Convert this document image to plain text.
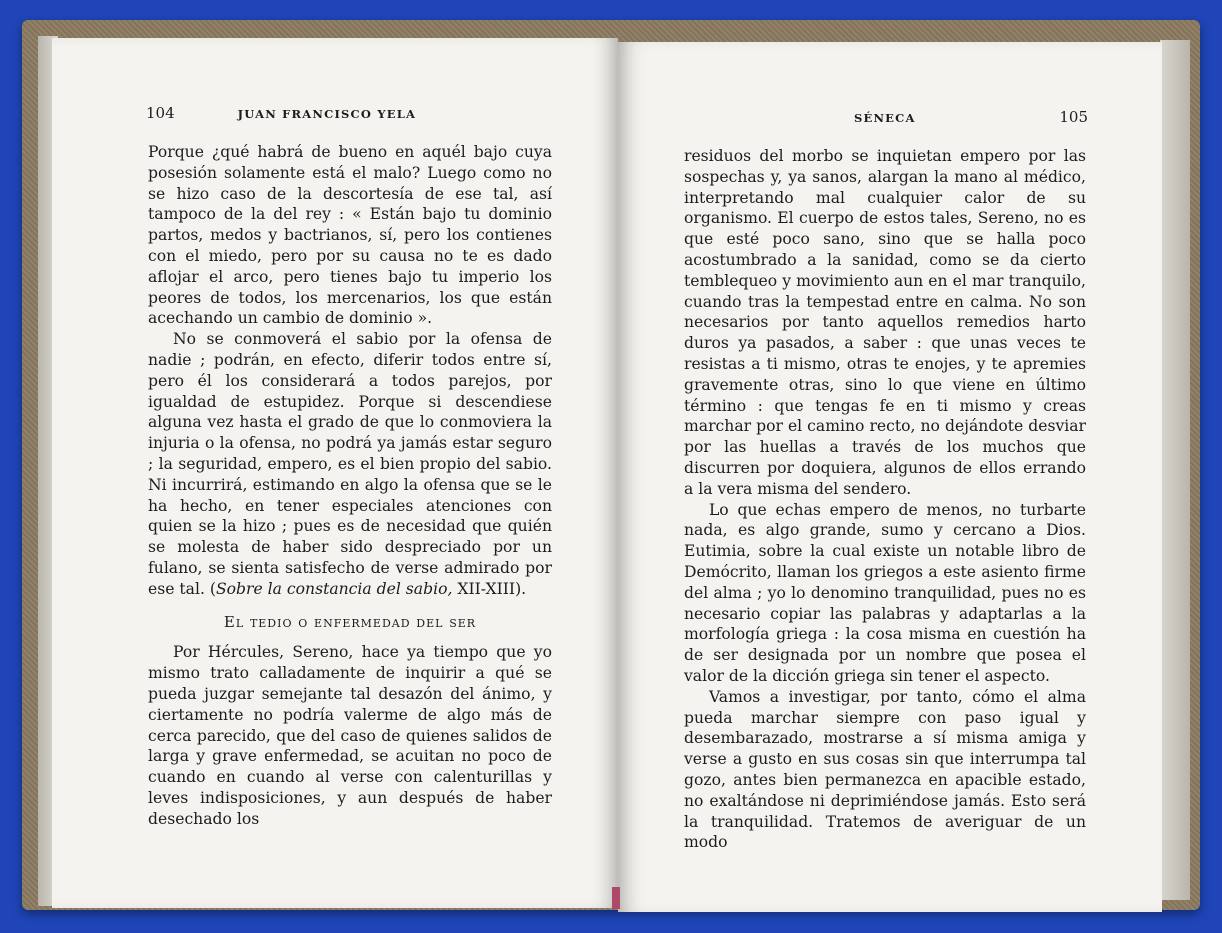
104	JUAN FRANCISCO YELA

Porque ¿qué habrá de bueno en aquél bajo cuya posesión solamente está el malo? Luego como no se hizo caso de la descortesía de ese tal, así tampoco de la del rey : « Están bajo tu dominio partos, medos y bactrianos, sí, pero los contienes con el miedo, pero por su causa no te es dado aflojar el arco, pero tienes bajo tu imperio los peores de todos, los mercenarios, los que están acechando un cambio de dominio ».

No se conmoverá el sabio por la ofensa de nadie ; podrán, en efecto, diferir todos entre sí, pero él los considerará a todos parejos, por igualdad de estupidez. Porque si descendiese alguna vez hasta el grado de que lo conmoviera la injuria o la ofensa, no podrá ya jamás estar seguro ; la seguridad, empero, es el bien propio del sabio. Ni incurrirá, estimando en algo la ofensa que se le ha hecho, en tener especiales atenciones con quien se la hizo ; pues es de necesidad que quién se molesta de haber sido despreciado por un fulano, se sienta satisfecho de verse admirado por ese tal. (Sobre la constancia del sabio, XII-XIII).

El tedio o enfermedad del ser

Por Hércules, Sereno, hace ya tiempo que yo mismo trato calladamente de inquirir a qué se pueda juzgar semejante tal desazón del ánimo, y ciertamente no podría valerme de algo más de cerca parecido, que del caso de quienes salidos de larga y grave enfermedad, se acuitan no poco de cuando en cuando al verse con calenturillas y leves indisposiciones, y aun después de haber desechado los

SÉNECA	105

residuos del morbo se inquietan empero por las sospechas y, ya sanos, alargan la mano al médico, interpretando mal cualquier calor de su organismo. El cuerpo de estos tales, Sereno, no es que esté poco sano, sino que se halla poco acostumbrado a la sanidad, como se da cierto temblequeo y movimiento aun en el mar tranquilo, cuando tras la tempestad entre en calma. No son necesarios por tanto aquellos remedios harto duros ya pasados, a saber : que unas veces te resistas a ti mismo, otras te enojes, y te apremies gravemente otras, sino lo que viene en último término : que tengas fe en ti mismo y creas marchar por el camino recto, no dejándote desviar por las huellas a través de los muchos que discurren por doquiera, algunos de ellos errando a la vera misma del sendero.

Lo que echas empero de menos, no turbarte nada, es algo grande, sumo y cercano a Dios. Eutimia, sobre la cual existe un notable libro de Demócrito, llaman los griegos a este asiento firme del alma ; yo lo denomino tranquilidad, pues no es necesario copiar las palabras y adaptarlas a la morfología griega : la cosa misma en cuestión ha de ser designada por un nombre que posea el valor de la dicción griega sin tener el aspecto.

Vamos a investigar, por tanto, cómo el alma pueda marchar siempre con paso igual y desembarazado, mostrarse a sí misma amiga y verse a gusto en sus cosas sin que interrumpa tal gozo, antes bien permanezca en apacible estado, no exaltándose ni deprimiéndose jamás. Esto será la tranquilidad. Tratemos de averiguar de un modo
